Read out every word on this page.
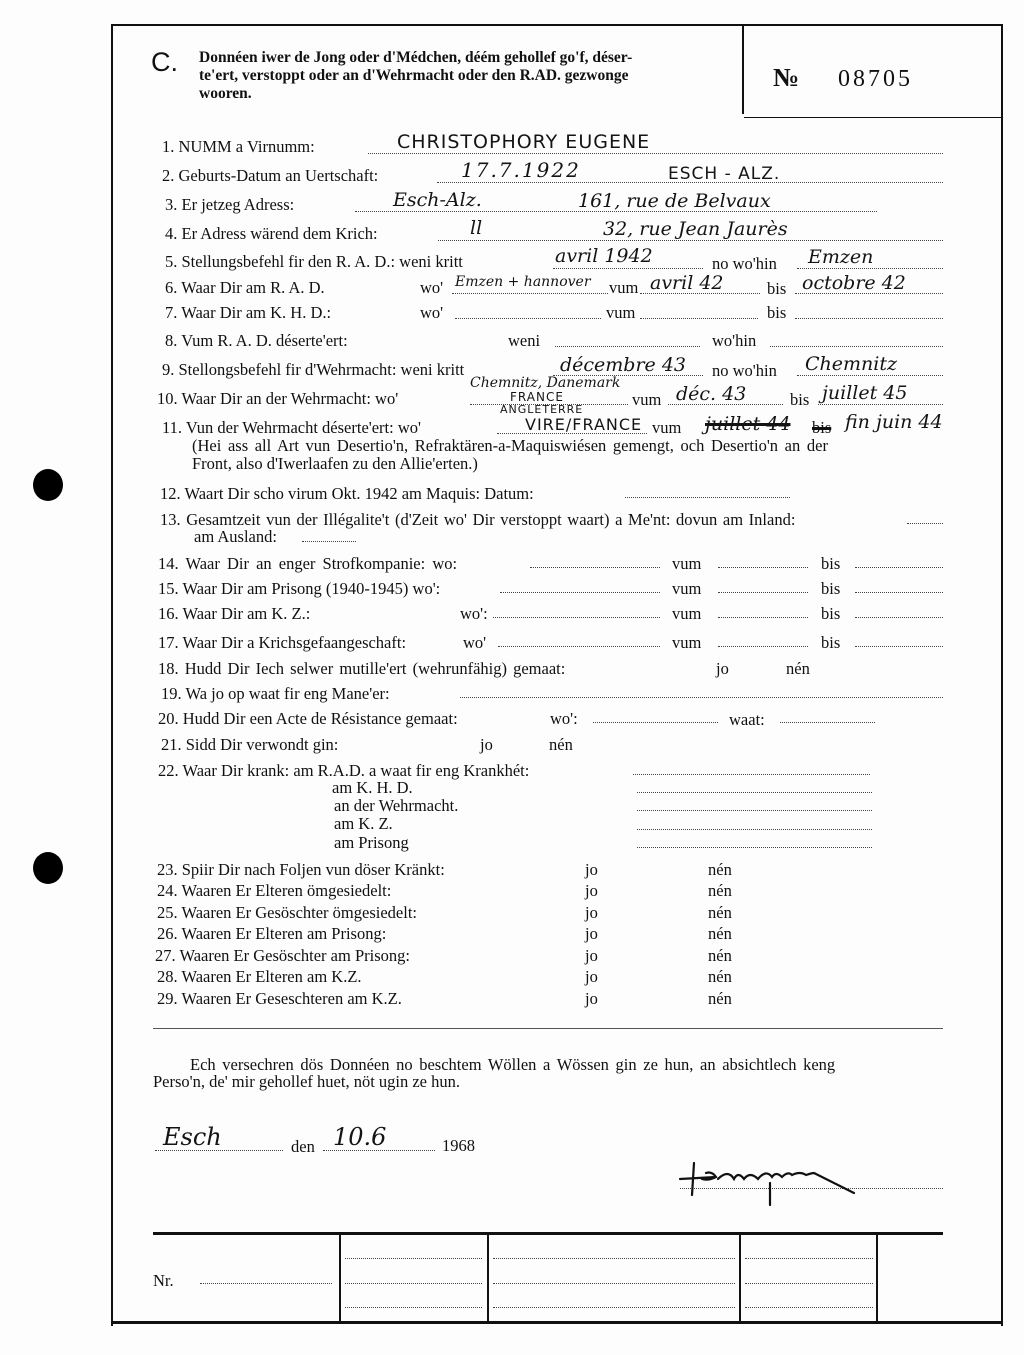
C. Donnéen iwer de Jong oder d'Médchen, déém gehollef go'f, déser-
te'ert, verstoppt oder an d'Wehrmacht oder den R.AD. gezwonge
wooren.
№ 08705
1. NUMM a Virnumm:	CHRISTOPHORY EUGENE
2. Geburts-Datum an Uertschaft:	17.7.1922	ESCH - ALZ.
3. Er jetzeg Adress:	Esch-Alz.	161, rue de Belvaux
4. Er Adress wärend dem Krich:	ll	32, rue Jean Jaurès
5. Stellungsbefehl fir den R. A. D.: weni kritt	avril 1942	no wo'hin Emzen
6. Waar Dir am R. A. D.	wo' Emzen + hannover vum avril 42	bis octobre 42
7. Waar Dir am K. H. D.:	wo'	vum	bis
8. Vum R. A. D. déserte'ert:	weni	wo'hin
9. Stellongsbefehl fir d'Wehrmacht: weni kritt	décembre 43 no wo'hin Chemnitz
10. Waar Dir an der Wehrmacht: wo'
Chemnitz, Danemark
FRANCE
ANGLETERRE
vum déc. 43	bis juillet 45
11. Vun der Wehrmacht déserte'ert: wo'	VIRE/FRANCE vum juillet 44 bis fin juin 44
(Hei ass all Art vun Desertio'n, Refraktären-a-Maquiswiésen gemengt, och Desertio'n an der
Front, also d'Iwerlaafen zu den Allie'erten.)
12. Waart Dir scho virum Okt. 1942 am Maquis: Datum:
13. Gesamtzeit vun der Illégalite't (d'Zeit wo' Dir verstoppt waart) a Me'nt: dovun am Inland:
am Ausland:
14. Waar Dir an enger Strofkompanie: wo:	vum	bis
15. Waar Dir am Prisong (1940-1945) wo':	vum	bis
16. Waar Dir am K. Z.:	wo':	vum	bis
17. Waar Dir a Krichsgefaangeschaft:	wo'	vum	bis
18. Hudd Dir Iech selwer mutille'ert (wehrunfähig) gemaat:	jo	nén
19. Wa jo op waat fir eng Mane'er:
20. Hudd Dir een Acte de Résistance gemaat:	wo':	waat:
21. Sidd Dir verwondt gin:	jo	nén
22. Waar Dir krank: am R.A.D. a waat fir eng Krankhét:
am K. H. D.
an der Wehrmacht.
am K. Z.
am Prisong
23. Spiir Dir nach Foljen vun döser Kränkt:	jo	nén
24. Waaren Er Elteren ömgesiedelt:	jo	nén
25. Waaren Er Gesöschter ömgesiedelt:	jo	nén
26. Waaren Er Elteren am Prisong:	jo	nén
27. Waaren Er Gesöschter am Prisong:	jo	nén
28. Waaren Er Elteren am K.Z.	jo	nén
29. Waaren Er Geseschteren am K.Z.	jo	nén
Ech versechren dös Donnéen no beschtem Wöllen a Wössen gin ze hun, an absichtlech keng
Perso'n, de' mir gehollef huet, nöt ugin ze hun.
Esch	den 10.6	1968
Nr.
